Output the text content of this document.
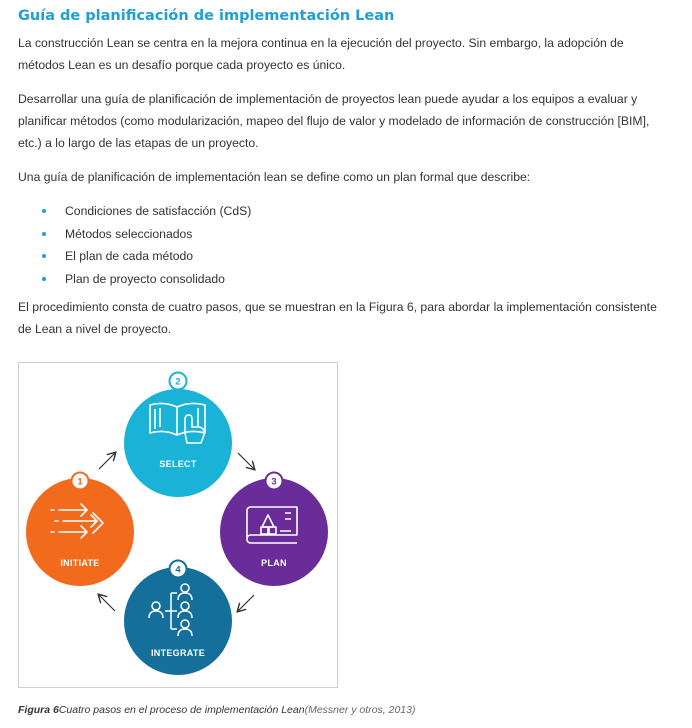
Guía de planificación de implementación Lean

La construcción Lean se centra en la mejora continua en la ejecución del proyecto. Sin embargo, la adopción de métodos Lean es un desafío porque cada proyecto es único.

Desarrollar una guía de planificación de implementación de proyectos lean puede ayudar a los equipos a evaluar y planificar métodos (como modularización, mapeo del flujo de valor y modelado de información de construcción [BIM], etc.) a lo largo de las etapas de un proyecto.

Una guía de planificación de implementación lean se define como un plan formal que describe:

Condiciones de satisfacción (CdS)
Métodos seleccionados
El plan de cada método
Plan de proyecto consolidado

El procedimiento consta de cuatro pasos, que se muestran en la Figura 6, para abordar la implementación consistente de Lean a nivel de proyecto.

SELECT
2
PLAN
3
INITIATE
1
INTEGRATE
4
Figura 6Cuatro pasos en el proceso de implementación Lean(Messner y otros, 2013)
